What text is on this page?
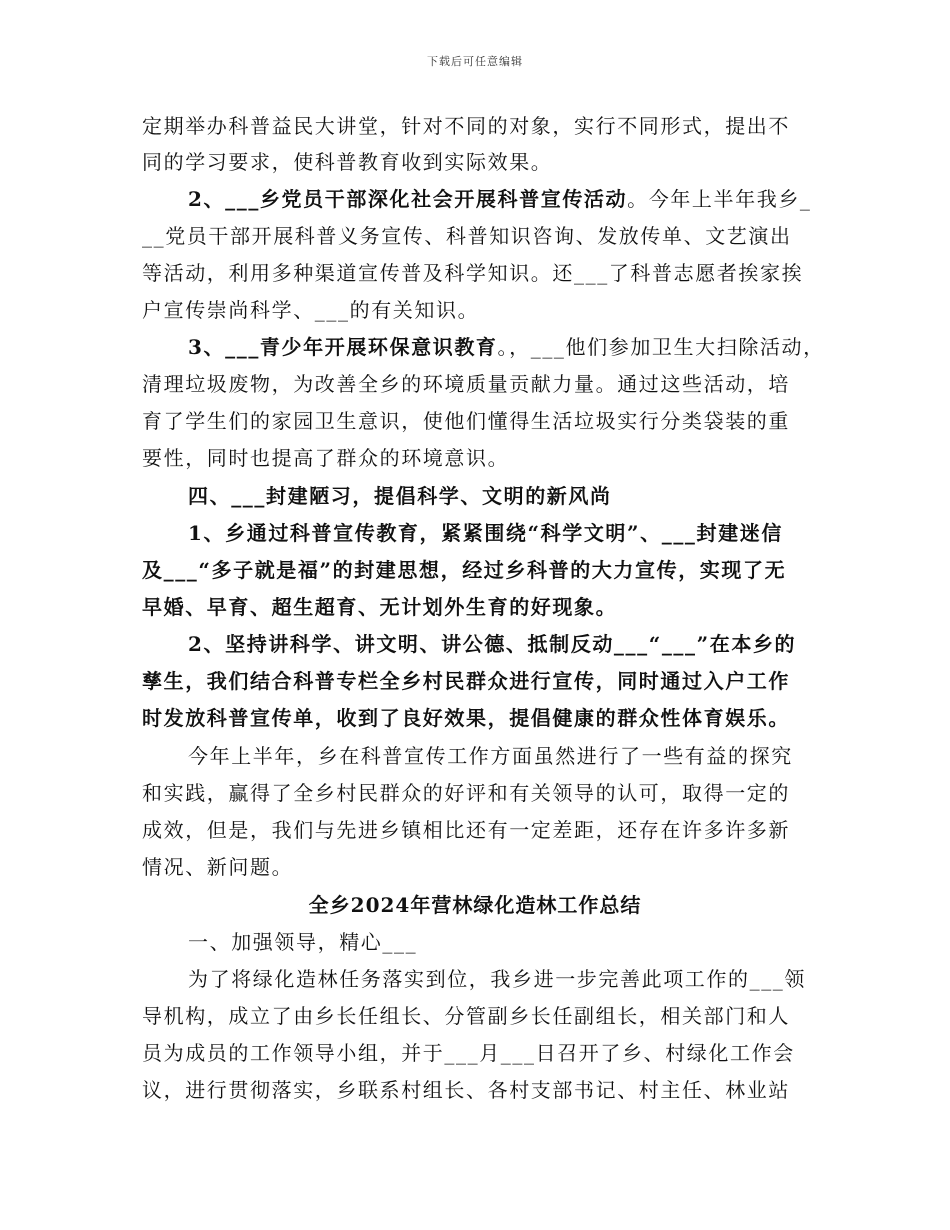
下载后可任意编辑
定期举办科普益民大讲堂，针对不同的对象，实行不同形式，提出不
同的学习要求，使科普教育收到实际效果。
2、___乡党员干部深化社会开展科普宣传活动。今年上半年我乡_
__党员干部开展科普义务宣传、科普知识咨询、发放传单、文艺演出
等活动，利用多种渠道宣传普及科学知识。还___了科普志愿者挨家挨
户宣传崇尚科学、___的有关知识。
3、___青少年开展环保意识教育。，___他们参加卫生大扫除活动，
清理垃圾废物，为改善全乡的环境质量贡献力量。通过这些活动，培
育了学生们的家园卫生意识，使他们懂得生活垃圾实行分类袋装的重
要性，同时也提高了群众的环境意识。
四、___封建陋习，提倡科学、文明的新风尚
1、乡通过科普宣传教育，紧紧围绕“科学文明”、___封建迷信
及___“多子就是福”的封建思想，经过乡科普的大力宣传，实现了无
早婚、早育、超生超育、无计划外生育的好现象。
2、坚持讲科学、讲文明、讲公德、抵制反动___“___”在本乡的
孳生，我们结合科普专栏全乡村民群众进行宣传，同时通过入户工作
时发放科普宣传单，收到了良好效果，提倡健康的群众性体育娱乐。
今年上半年，乡在科普宣传工作方面虽然进行了一些有益的探究
和实践，赢得了全乡村民群众的好评和有关领导的认可，取得一定的
成效，但是，我们与先进乡镇相比还有一定差距，还存在许多许多新
情况、新问题。
全乡2024年营林绿化造林工作总结
一、加强领导，精心___
为了将绿化造林任务落实到位，我乡进一步完善此项工作的___领
导机构，成立了由乡长任组长、分管副乡长任副组长，相关部门和人
员为成员的工作领导小组，并于___月___日召开了乡、村绿化工作会
议，进行贯彻落实，乡联系村组长、各村支部书记、村主任、林业站
